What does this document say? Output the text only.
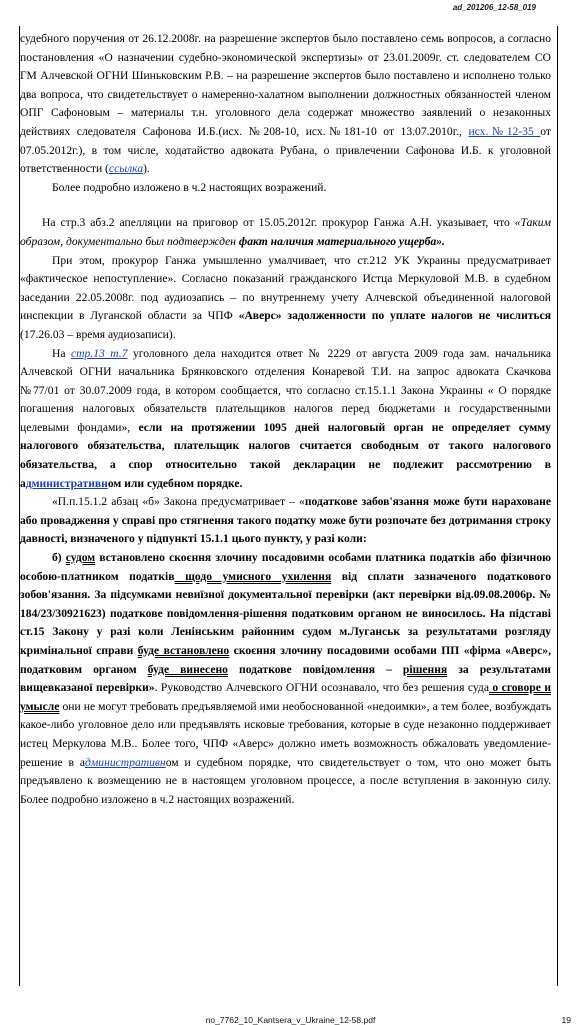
ad_201206_12-58_019

судебного поручения от 26.12.2008г. на разрешение экспертов было поставлено семь вопросов, а согласно постановления «О назначении судебно-экономической экспертизы» от 23.01.2009г. ст. следователем СО ГМ Алчевской ОГНИ Шиньковским Р.В. – на разрешение экспертов было поставлено и исполнено только два вопроса, что свидетельствует о намеренно-халатном выполнении должностных обязанностей членом ОПГ Сафоновым – материалы т.н. уголовного дела содержат множество заявлений о незаконных действиях следователя Сафонова И.Б.(исх. №208-10, исх.№181-10 от 13.07.2010г., исх.№12-35 от 07.05.2012г.), в том числе, ходатайство адвоката Рубана, о привлечении Сафонова И.Б. к уголовной ответственности (ссылка).

Более подробно изложено в ч.2 настоящих возражений.

На стр.3 абз.2 апелляции на приговор от 15.05.2012г. прокурор Ганжа А.Н. указывает, что «Таким образом, документально был подтвержден факт наличия материального ущерба».

При этом, прокурор Ганжа умышленно умалчивает, что ст.212 УК Украины предусматривает «фактическое непоступление». Согласно показаний гражданского Истца Меркуловой М.В. в судебном заседании 22.05.2008г. под аудиозапись – по внутреннему учету Алчевской объединенной налоговой инспекции в Луганской области за ЧПФ «Аверс» задолженности по уплате налогов не числиться (17.26.03 – время аудиозаписи).

На стр.13 т.7 уголовного дела находится ответ № 2229 от августа 2009 года зам. начальника Алчевской ОГНИ начальника Брянковского отделения Конаревой Т.И. на запрос адвоката Скачкова №77/01 от 30.07.2009 года, в котором сообщается, что согласно ст.15.1.1 Закона Украины « О порядке погашения налоговых обязательств плательщиков налогов перед бюджетами и государственными целевыми фондами», если на протяжении 1095 дней налоговый орган не определяет сумму налогового обязательства, плательщик налогов считается свободным от такого налогового обязательства, а спор относительно такой декларации не подлежит рассмотрению в административном или судебном порядке.

«П.п.15.1.2 абзац «б» Закона предусматривает – «податкове забов'язання може бути нараховане або провадження у справі про стягнення такого податку може бути розпочате без дотримання строку давності, визначеного у підпункті 15.1.1 цього пункту, у разі коли:

б) судом встановлено скоєння злочину посадовими особами платника податків або фізичною особою-платником податків щодо умисного ухилення від сплати зазначеного податкового зобов'язання. За підсумками невиїзної документальної перевірки (акт перевірки від.09.08.2006р. № 184/23/30921623) податкове повідомлення-рішення податковим органом не виносилось. На підставі ст.15 Закону у разі коли Ленінським районним судом м.Луганськ за результатами розгляду кримінальної справи буде встановлено скоєння злочину посадовими особами ПП «фірма «Аверс», податковим органом буде винесено податкове повідомлення – рішення за результатами вищевказаної перевірки». Руководство Алчевского ОГНИ осознавало, что без решения суда о сговоре и умысле они не могут требовать предъявляемой ими необоснованной «недоимки», а тем более, возбуждать какое-либо уголовное дело или предъявлять исковые требования, которые в суде незаконно поддерживает истец Меркулова М.В.. Более того, ЧПФ «Аверс» должно иметь возможность обжаловать уведомление-решение в административном и судебном порядке, что свидетельствует о том, что оно может быть предъявлено к возмещению не в настоящем уголовном процессе, а после вступления в законную силу. Более подробно изложено в ч.2 настоящих возражений.

no_7762_10_Kantsera_v_Ukraine_12-58.pdf	19
